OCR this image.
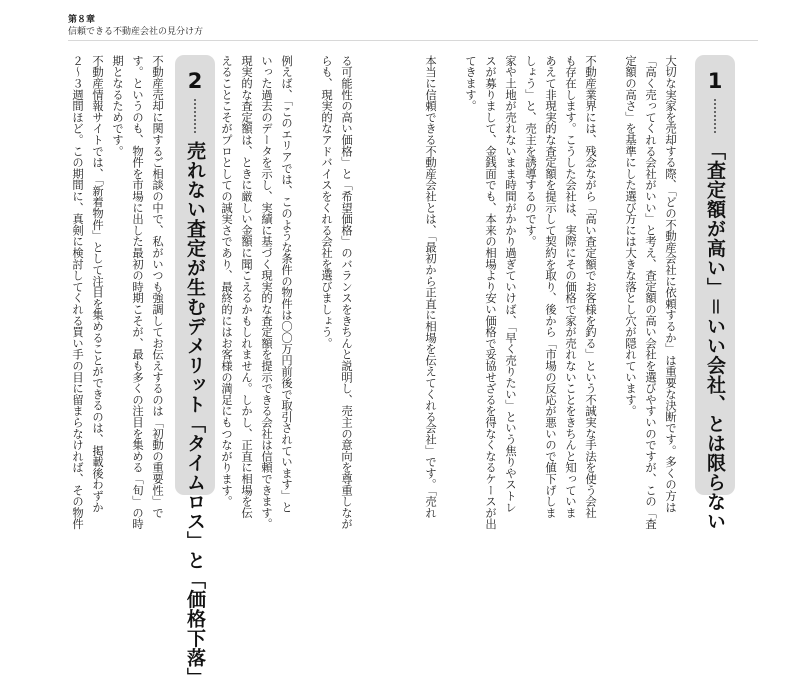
第８章
信頼できる不動産会社の見分け方
1
「査定額が高い」＝いい会社、とは限らない
大切な実家を売却する際、「どの不動産会社に依頼するか」は重要な決断です。多くの方は
「高く売ってくれる会社がいい」と考え、査定額の高い会社を選びやすいのですが、この「査
定額の高さ」を基準にした選び方には大きな落とし穴が隠れています。
不動産業界には、残念ながら「高い査定額でお客様を釣る」という不誠実な手法を使う会社
も存在します。こうした会社は、実際にその価格で家が売れないことをきちんと知っていま
あえて非現実的な査定額を提示して契約を取り、後から「市場の反応が悪いので値下げしま
しょう」と、売主を誘導するのです。
家や土地が売れないまま時間がかかり過ぎていけば、「早く売りたい」という焦りやストレ
スが募りまして、金銭面でも、本来の相場より安い価格で妥協せざるを得なくなるケースが出
てきます。
本当に信頼できる不動産会社とは、「最初から正直に相場を伝えてくれる会社」です。「売れ
る可能性の高い価格」と「希望価格」のバランスをきちんと説明し、売主の意向を尊重しなが
らも、現実的なアドバイスをくれる会社を選びましょう。
例えば、「このエリアでは、このような条件の物件は〇〇万円前後で取引されています」と
いった過去のデータを示し、実績に基づく現実的な査定額を提示できる会社は信頼できます。
現実的な査定額は、ときに厳しい金額に聞こえるかもしれません。しかし、正直に相場を伝
えることこそがプロとしての誠実さであり、最終的にはお客様の満足にもつながります。
2
売れない査定が生むデメリット「タイムロス」と「価格下落」
不動産売却に関するご相談の中で、私がいつも強調してお伝えするのは「初動の重要性」で
す。というのも、物件を市場に出した最初の時期こそが、最も多くの注目を集める「旬」の時
期となるためです。
不動産情報サイトでは、「新着物件」として注目を集めることができるのは、掲載後わずか
２〜３週間ほど。この期間に、真剣に検討してくれる買い手の目に留まらなければ、その物件
